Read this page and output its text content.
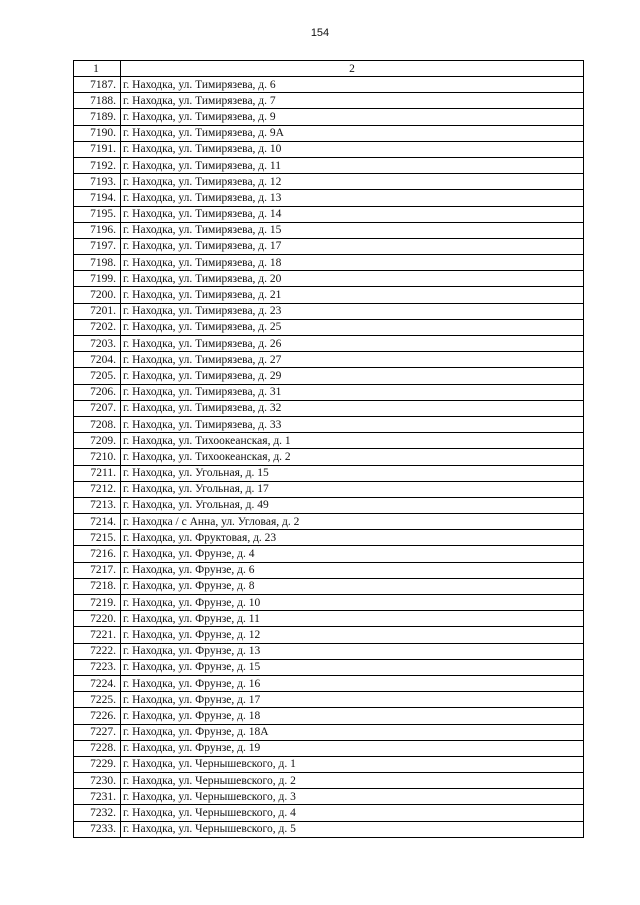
154
1	2
7187.	г. Находка, ул. Тимирязева, д. 6
7188.	г. Находка, ул. Тимирязева, д. 7
7189.	г. Находка, ул. Тимирязева, д. 9
7190.	г. Находка, ул. Тимирязева, д. 9А
7191.	г. Находка, ул. Тимирязева, д. 10
7192.	г. Находка, ул. Тимирязева, д. 11
7193.	г. Находка, ул. Тимирязева, д. 12
7194.	г. Находка, ул. Тимирязева, д. 13
7195.	г. Находка, ул. Тимирязева, д. 14
7196.	г. Находка, ул. Тимирязева, д. 15
7197.	г. Находка, ул. Тимирязева, д. 17
7198.	г. Находка, ул. Тимирязева, д. 18
7199.	г. Находка, ул. Тимирязева, д. 20
7200.	г. Находка, ул. Тимирязева, д. 21
7201.	г. Находка, ул. Тимирязева, д. 23
7202.	г. Находка, ул. Тимирязева, д. 25
7203.	г. Находка, ул. Тимирязева, д. 26
7204.	г. Находка, ул. Тимирязева, д. 27
7205.	г. Находка, ул. Тимирязева, д. 29
7206.	г. Находка, ул. Тимирязева, д. 31
7207.	г. Находка, ул. Тимирязева, д. 32
7208.	г. Находка, ул. Тимирязева, д. 33
7209.	г. Находка, ул. Тихоокеанская, д. 1
7210.	г. Находка, ул. Тихоокеанская, д. 2
7211.	г. Находка, ул. Угольная, д. 15
7212.	г. Находка, ул. Угольная, д. 17
7213.	г. Находка, ул. Угольная, д. 49
7214.	г. Находка / с Анна, ул. Угловая, д. 2
7215.	г. Находка, ул. Фруктовая, д. 23
7216.	г. Находка, ул. Фрунзе, д. 4
7217.	г. Находка, ул. Фрунзе, д. 6
7218.	г. Находка, ул. Фрунзе, д. 8
7219.	г. Находка, ул. Фрунзе, д. 10
7220.	г. Находка, ул. Фрунзе, д. 11
7221.	г. Находка, ул. Фрунзе, д. 12
7222.	г. Находка, ул. Фрунзе, д. 13
7223.	г. Находка, ул. Фрунзе, д. 15
7224.	г. Находка, ул. Фрунзе, д. 16
7225.	г. Находка, ул. Фрунзе, д. 17
7226.	г. Находка, ул. Фрунзе, д. 18
7227.	г. Находка, ул. Фрунзе, д. 18А
7228.	г. Находка, ул. Фрунзе, д. 19
7229.	г. Находка, ул. Чернышевского, д. 1
7230.	г. Находка, ул. Чернышевского, д. 2
7231.	г. Находка, ул. Чернышевского, д. 3
7232.	г. Находка, ул. Чернышевского, д. 4
7233.	г. Находка, ул. Чернышевского, д. 5
